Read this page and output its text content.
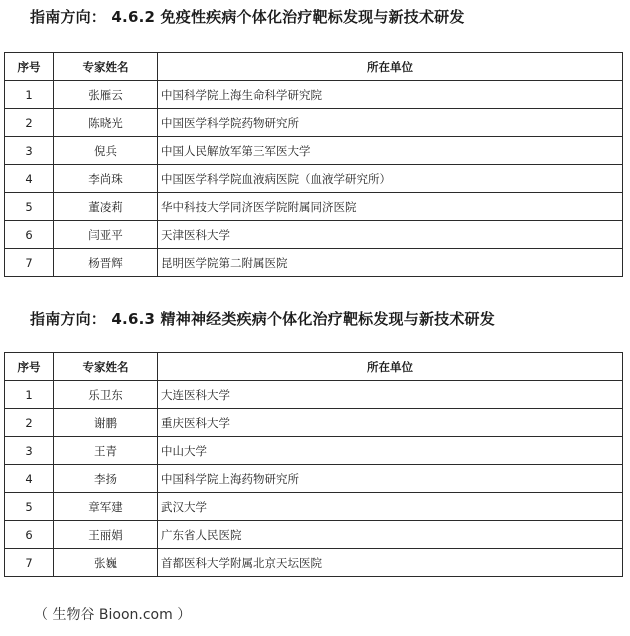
指南方向： 4.6.2 免疫性疾病个体化治疗靶标发现与新技术研发
序号	专家姓名	所在单位
1	张雁云	中国科学院上海生命科学研究院
2	陈晓光	中国医学科学院药物研究所
3	倪兵	中国人民解放军第三军医大学
4	李尚珠	中国医学科学院血液病医院（血液学研究所）
5	董凌莉	华中科技大学同济医学院附属同济医院
6	闫亚平	天津医科大学
7	杨晋辉	昆明医学院第二附属医院
指南方向： 4.6.3 精神神经类疾病个体化治疗靶标发现与新技术研发
序号	专家姓名	所在单位
1	乐卫东	大连医科大学
2	谢鹏	重庆医科大学
3	王青	中山大学
4	李扬	中国科学院上海药物研究所
5	章军建	武汉大学
6	王丽娟	广东省人民医院
7	张巍	首都医科大学附属北京天坛医院
（ 生物谷 Bioon.com ）
